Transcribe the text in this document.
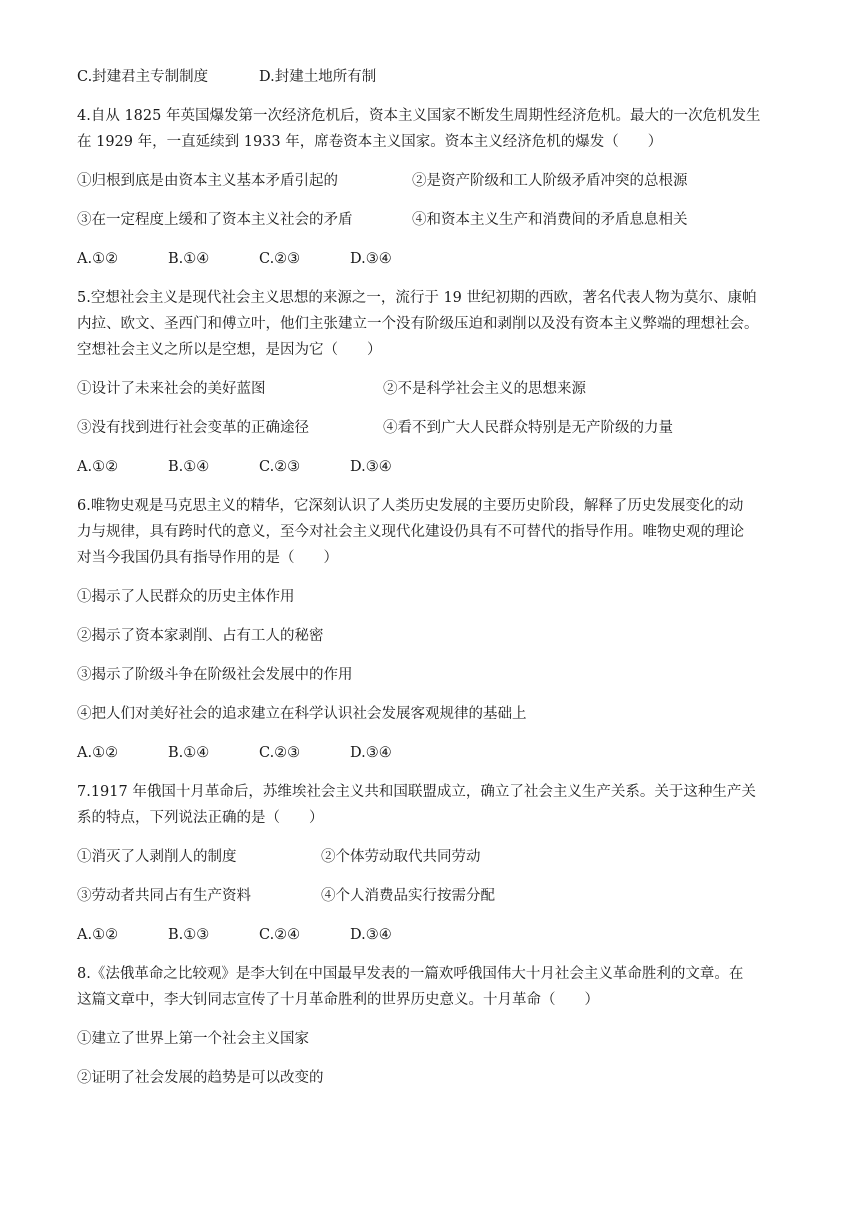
C.封建君主专制制度	D.封建土地所有制
4.自从 1825 年英国爆发第一次经济危机后，资本主义国家不断发生周期性经济危机。最大的一次危机发生
在 1929 年，一直延续到 1933 年，席卷资本主义国家。资本主义经济危机的爆发（　　）
①归根到底是由资本主义基本矛盾引起的	②是资产阶级和工人阶级矛盾冲突的总根源
③在一定程度上缓和了资本主义社会的矛盾	④和资本主义生产和消费间的矛盾息息相关
A.①②	B.①④	C.②③	D.③④
5.空想社会主义是现代社会主义思想的来源之一，流行于 19 世纪初期的西欧，著名代表人物为莫尔、康帕
内拉、欧文、圣西门和傅立叶，他们主张建立一个没有阶级压迫和剥削以及没有资本主义弊端的理想社会。
空想社会主义之所以是空想，是因为它（　　）
①设计了未来社会的美好蓝图	②不是科学社会主义的思想来源
③没有找到进行社会变革的正确途径	④看不到广大人民群众特别是无产阶级的力量
A.①②	B.①④	C.②③	D.③④
6.唯物史观是马克思主义的精华，它深刻认识了人类历史发展的主要历史阶段，解释了历史发展变化的动
力与规律，具有跨时代的意义，至今对社会主义现代化建设仍具有不可替代的指导作用。唯物史观的理论
对当今我国仍具有指导作用的是（　　）
①揭示了人民群众的历史主体作用
②揭示了资本家剥削、占有工人的秘密
③揭示了阶级斗争在阶级社会发展中的作用
④把人们对美好社会的追求建立在科学认识社会发展客观规律的基础上
A.①②	B.①④	C.②③	D.③④
7.1917 年俄国十月革命后，苏维埃社会主义共和国联盟成立，确立了社会主义生产关系。关于这种生产关
系的特点，下列说法正确的是（　　）
①消灭了人剥削人的制度	②个体劳动取代共同劳动
③劳动者共同占有生产资料	④个人消费品实行按需分配
A.①②	B.①③	C.②④	D.③④
8.《法俄革命之比较观》是李大钊在中国最早发表的一篇欢呼俄国伟大十月社会主义革命胜利的文章。在
这篇文章中，李大钊同志宣传了十月革命胜利的世界历史意义。十月革命（　　）
①建立了世界上第一个社会主义国家
②证明了社会发展的趋势是可以改变的
